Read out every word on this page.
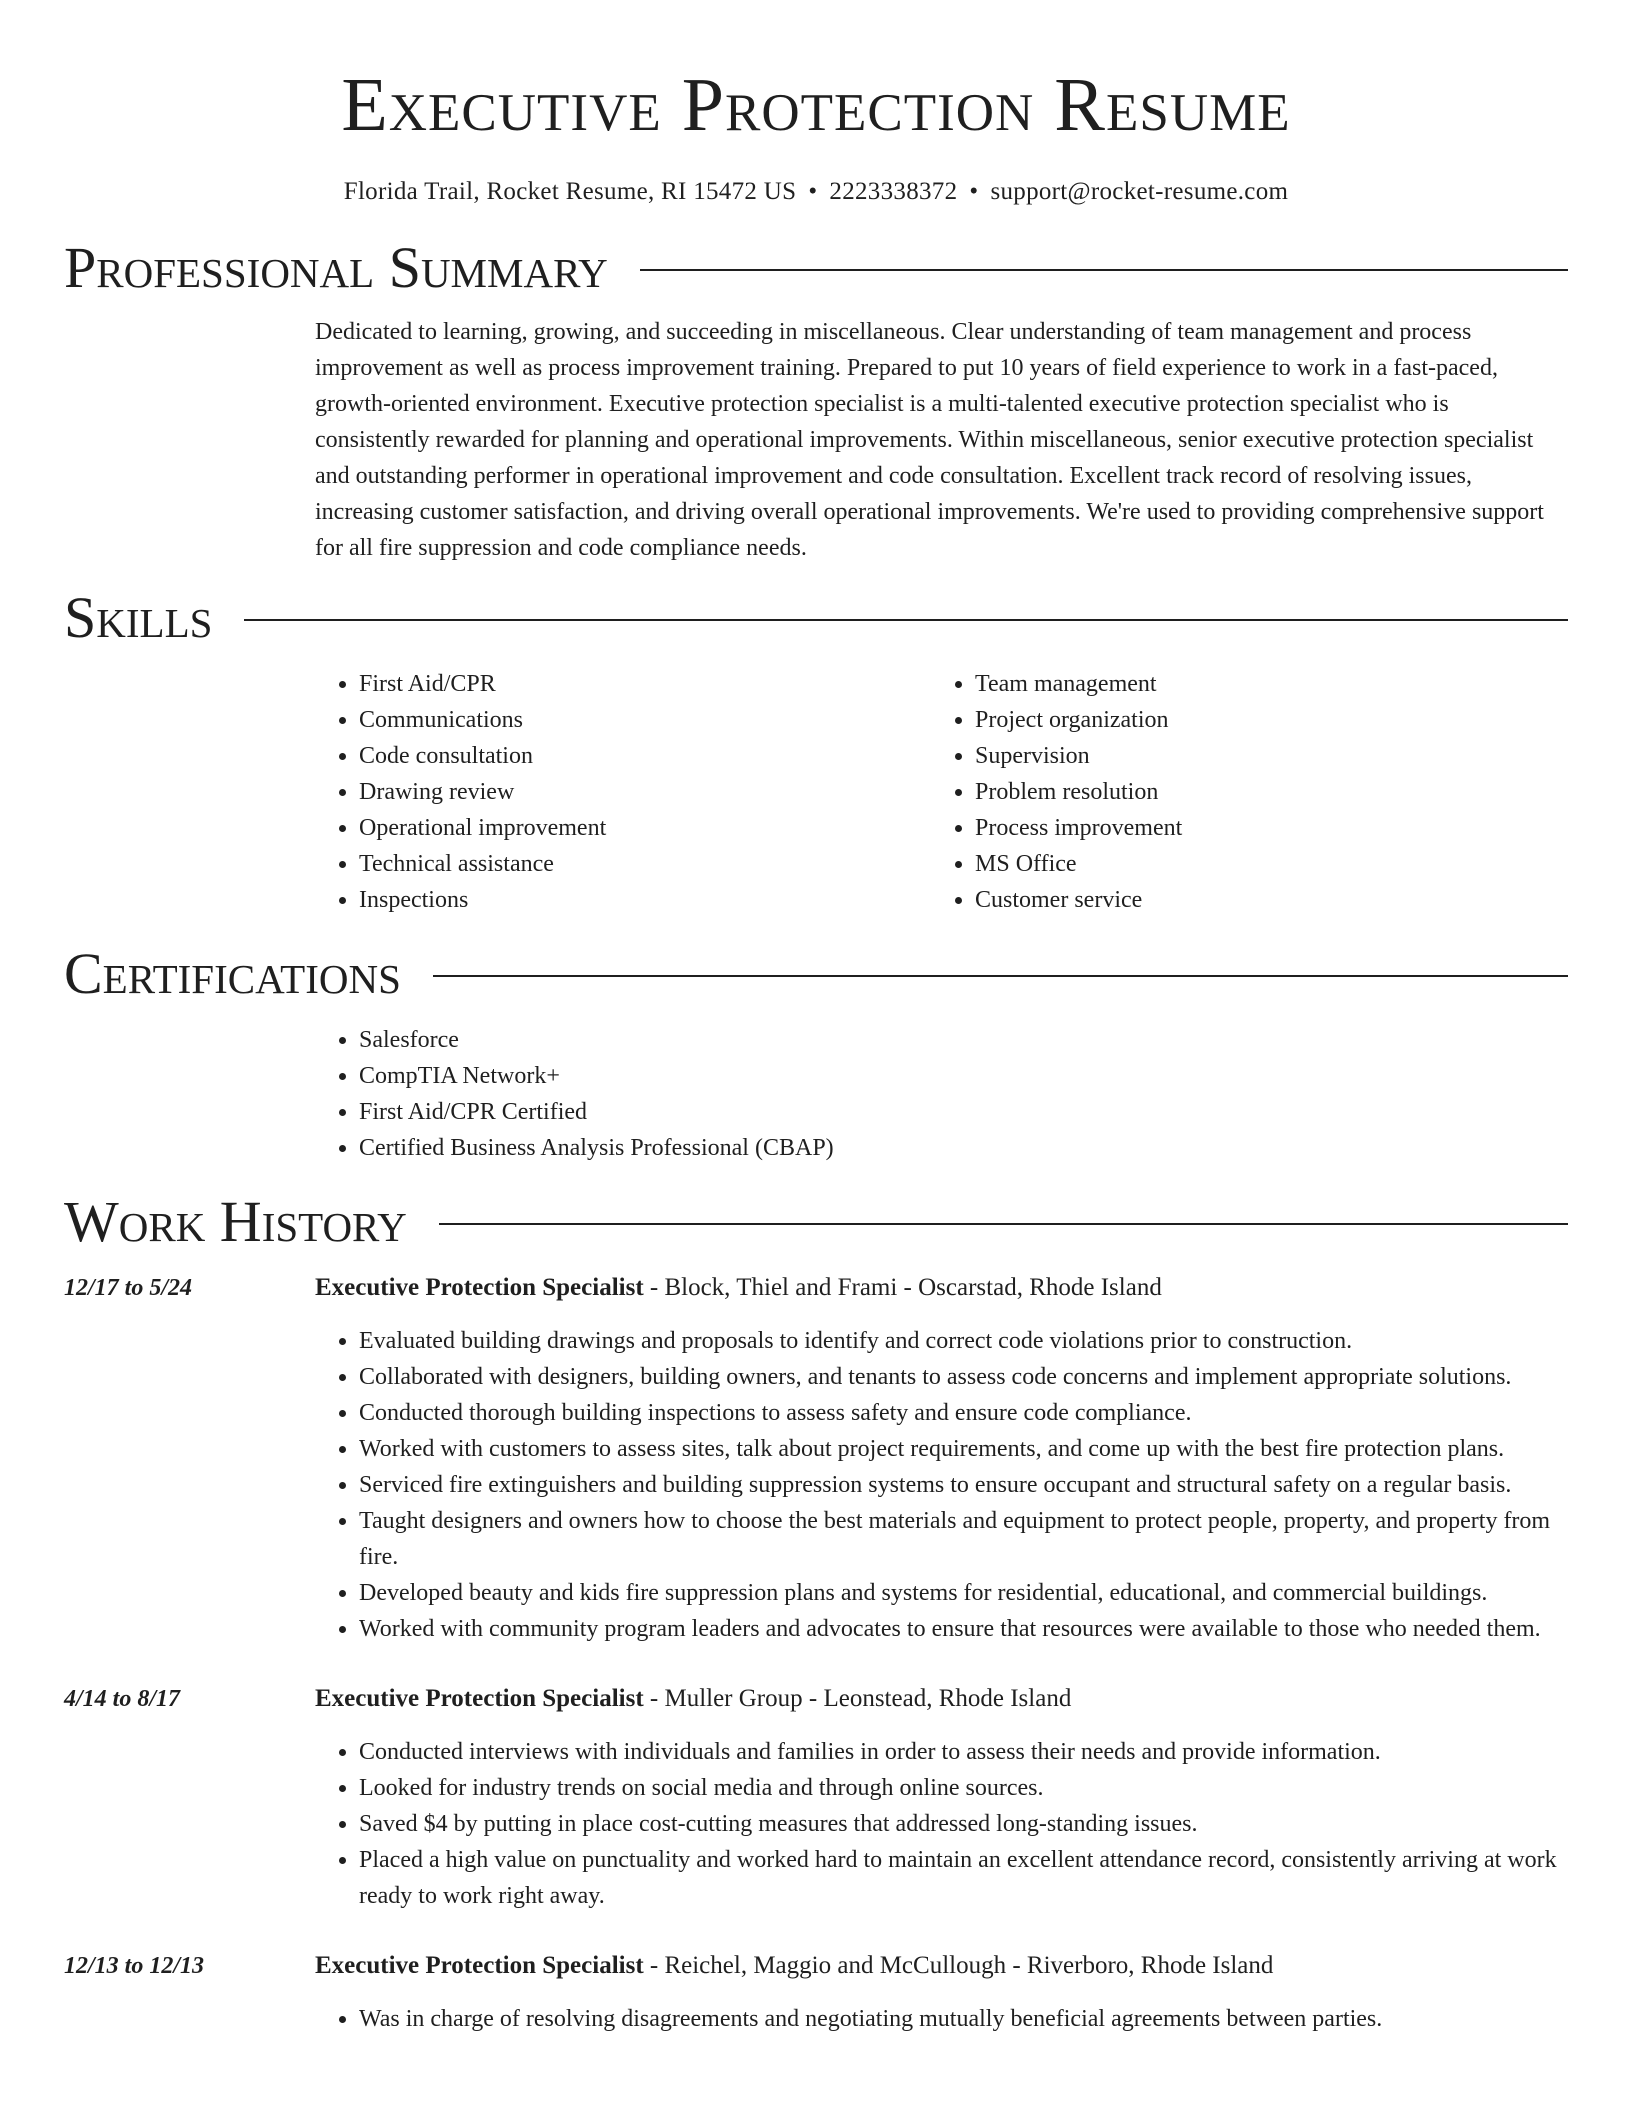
Executive Protection Resume
Florida Trail, Rocket Resume, RI 15472 US • 2223338372 • support@rocket-resume.com
Professional Summary
Dedicated to learning, growing, and succeeding in miscellaneous. Clear understanding of team management and process improvement as well as process improvement training. Prepared to put 10 years of field experience to work in a fast-paced, growth-oriented environment. Executive protection specialist is a multi-talented executive protection specialist who is consistently rewarded for planning and operational improvements. Within miscellaneous, senior executive protection specialist and outstanding performer in operational improvement and code consultation. Excellent track record of resolving issues, increasing customer satisfaction, and driving overall operational improvements. We're used to providing comprehensive support for all fire suppression and code compliance needs.
Skills
• First Aid/CPR
• Communications
• Code consultation
• Drawing review
• Operational improvement
• Technical assistance
• Inspections
• Team management
• Project organization
• Supervision
• Problem resolution
• Process improvement
• MS Office
• Customer service
Certifications
• Salesforce
• CompTIA Network+
• First Aid/CPR Certified
• Certified Business Analysis Professional (CBAP)
Work History
12/17 to 5/24	Executive Protection Specialist - Block, Thiel and Frami - Oscarstad, Rhode Island
• Evaluated building drawings and proposals to identify and correct code violations prior to construction.
• Collaborated with designers, building owners, and tenants to assess code concerns and implement appropriate solutions.
• Conducted thorough building inspections to assess safety and ensure code compliance.
• Worked with customers to assess sites, talk about project requirements, and come up with the best fire protection plans.
• Serviced fire extinguishers and building suppression systems to ensure occupant and structural safety on a regular basis.
• Taught designers and owners how to choose the best materials and equipment to protect people, property, and property from fire.
• Developed beauty and kids fire suppression plans and systems for residential, educational, and commercial buildings.
• Worked with community program leaders and advocates to ensure that resources were available to those who needed them.
4/14 to 8/17	Executive Protection Specialist - Muller Group - Leonstead, Rhode Island
• Conducted interviews with individuals and families in order to assess their needs and provide information.
• Looked for industry trends on social media and through online sources.
• Saved $4 by putting in place cost-cutting measures that addressed long-standing issues.
• Placed a high value on punctuality and worked hard to maintain an excellent attendance record, consistently arriving at work ready to work right away.
12/13 to 12/13	Executive Protection Specialist - Reichel, Maggio and McCullough - Riverboro, Rhode Island
• Was in charge of resolving disagreements and negotiating mutually beneficial agreements between parties.
